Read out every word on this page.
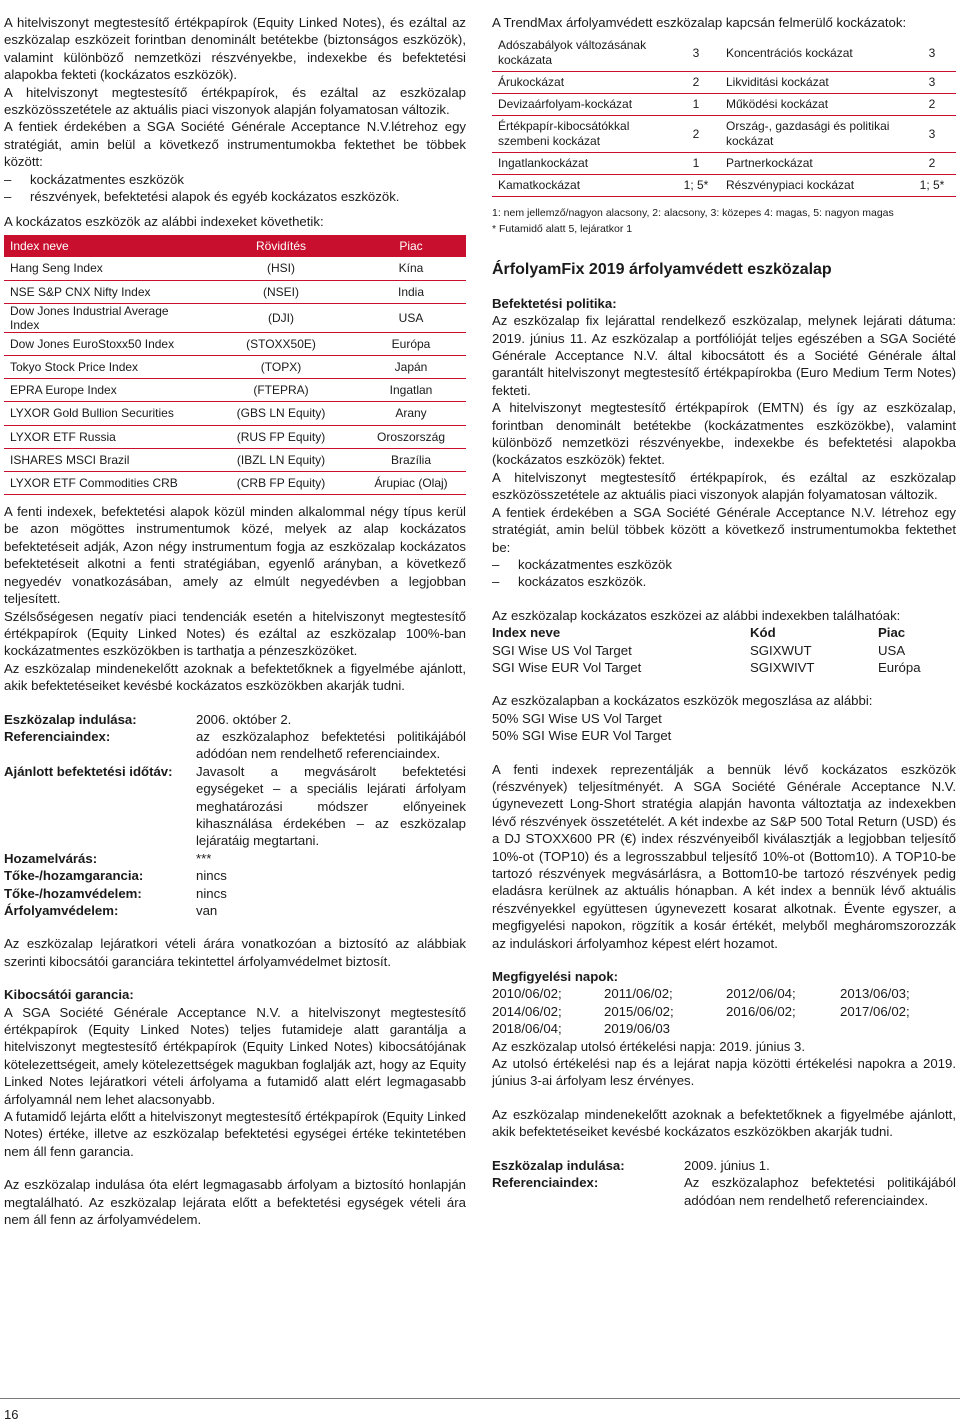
A hitelviszonyt megtestesítő értékpapírok (Equity Linked Notes), és ezáltal az eszközalap eszközeit forintban denominált betétekbe (biztonságos eszközök), valamint különböző nemzetközi részvényekbe, indexekbe és befektetési alapokba fekteti (kockázatos eszközök).

A hitelviszonyt megtestesítő értékpapírok, és ezáltal az eszközalap eszközösszetétele az aktuális piaci viszonyok alapján folyamatosan változik.

A fentiek érdekében a SGA Société Générale Acceptance N.V.létrehoz egy stratégiát, amin belül a következő instrumentumokba fektethet be többek között:

–	kockázatmentes eszközök
–	részvények, befektetési alapok és egyéb kockázatos eszközök.

A kockázatos eszközök az alábbi indexeket követhetik:

Index neve	Rövidítés	Piac
Hang Seng Index	(HSI)	Kína
NSE S&P CNX Nifty Index	(NSEI)	India
Dow Jones Industrial Average Index	(DJI)	USA
Dow Jones EuroStoxx50 Index	(STOXX50E)	Európa
Tokyo Stock Price Index	(TOPX)	Japán
EPRA Europe Index	(FTEPRA)	Ingatlan
LYXOR Gold Bullion Securities	(GBS LN Equity)	Arany
LYXOR ETF Russia	(RUS FP Equity)	Oroszország
ISHARES MSCI Brazil	(IBZL LN Equity)	Brazília
LYXOR ETF Commodities CRB	(CRB FP Equity)	Árupiac (Olaj)

A fenti indexek, befektetési alapok közül minden alkalommal négy típus kerül be azon mögöttes instrumentumok közé, melyek az alap kockázatos befektetéseit adják, Azon négy instrumentum fogja az eszközalap kockázatos befektetéseit alkotni a fenti stratégiában, egyenlő arányban, a következő negyedév vonatkozásában, amely az elmúlt negyedévben a legjobban teljesített.

Szélsőségesen negatív piaci tendenciák esetén a hitelviszonyt megtestesítő értékpapírok (Equity Linked Notes) és ezáltal az eszközalap 100%-ban kockázatmentes eszközökben is tarthatja a pénzeszközöket.

Az eszközalap mindenekelőtt azoknak a befektetőknek a figyelmébe ajánlott, akik befektetéseiket kevésbé kockázatos eszközökben akarják tudni.

Eszközalap indulása:	2006. október 2.
Referenciaindex:	az eszközalaphoz befektetési politikájából adódóan nem rendelhető referenciaindex.
Ajánlott befektetési időtáv:	Javasolt a megvásárolt befektetési egységeket – a speciális lejárati árfolyam meghatározási módszer előnyeinek kihasználása érdekében – az eszközalap lejáratáig megtartani.
Hozamelvárás:	***
Tőke-/hozamgarancia:	nincs
Tőke-/hozamvédelem:	nincs
Árfolyamvédelem:	van

Az eszközalap lejáratkori vételi árára vonatkozóan a biztosító az alábbiak szerinti kibocsátói garanciára tekintettel árfolyamvédelmet biztosít.

Kibocsátói garancia:

A SGA Société Générale Acceptance N.V. a hitelviszonyt megtestesítő értékpapírok (Equity Linked Notes) teljes futamideje alatt garantálja a hitelviszonyt megtestesítő értékpapírok (Equity Linked Notes) kibocsátójának kötelezettségeit, amely kötelezettségek magukban foglalják azt, hogy az Equity Linked Notes lejáratkori vételi árfolyama a futamidő alatt elért legmagasabb árfolyamnál nem lehet alacsonyabb.

A futamidő lejárta előtt a hitelviszonyt megtestesítő értékpapírok (Equity Linked Notes) értéke, illetve az eszközalap befektetési egységei értéke tekintetében nem áll fenn garancia.

Az eszközalap indulása óta elért legmagasabb árfolyam a biztosító honlapján megtalálható. Az eszközalap lejárata előtt a befektetési egységek vételi ára nem áll fenn az árfolyamvédelem.

A TrendMax árfolyamvédett eszközalap kapcsán felmerülő kockázatok:

Adószabályok változásának kockázata	3	Koncentrációs kockázat	3
Árukockázat	2	Likviditási kockázat	3
Devizaárfolyam-kockázat	1	Működési kockázat	2
Értékpapír-kibocsátókkal szembeni kockázat	2	Ország-, gazdasági és politikai kockázat	3
Ingatlankockázat	1	Partnerkockázat	2
Kamatkockázat	1; 5*	Részvénypiaci kockázat	1; 5*

1: nem jellemző/nagyon alacsony, 2: alacsony, 3: közepes 4: magas, 5: nagyon magas

* Futamidő alatt 5, lejáratkor 1

ÁrfolyamFix 2019 árfolyamvédett eszközalap

Befektetési politika:

Az eszközalap fix lejárattal rendelkező eszközalap, melynek lejárati dátuma: 2019. június 11. Az eszközalap a portfólióját teljes egészében a SGA Société Générale Acceptance N.V. által kibocsátott és a Société Générale által garantált hitelviszonyt megtestesítő értékpapírokba (Euro Medium Term Notes) fekteti.

A hitelviszonyt megtestesítő értékpapírok (EMTN) és így az eszközalap, forintban denominált betétekbe (kockázatmentes eszközökbe), valamint különböző nemzetközi részvényekbe, indexekbe és befektetési alapokba (kockázatos eszközök) fektet.

A hitelviszonyt megtestesítő értékpapírok, és ezáltal az eszközalap eszközösszetétele az aktuális piaci viszonyok alapján folyamatosan változik.

A fentiek érdekében a SGA Société Générale Acceptance N.V. létrehoz egy stratégiát, amin belül többek között a következő instrumentumokba fektethet be:

–	kockázatmentes eszközök
–	kockázatos eszközök.

Az eszközalap kockázatos eszközei az alábbi indexekben találhatóak:

Index neve	Kód	Piac
SGI Wise US Vol Target	SGIXWUT	USA
SGI Wise EUR Vol Target	SGIXWIVT	Európa

Az eszközalapban a kockázatos eszközök megoszlása az alábbi:

50% SGI Wise US Vol Target

50% SGI Wise EUR Vol Target

A fenti indexek reprezentálják a bennük lévő kockázatos eszközök (részvények) teljesítményét. A SGA Société Générale Acceptance N.V. úgynevezett Long-Short stratégia alapján havonta változtatja az indexekben lévő részvények összetételét. A két indexbe az S&P 500 Total Return (USD) és a DJ STOXX600 PR (€) index részvényeiből kiválasztják a legjobban teljesítő 10%-ot (TOP10) és a legrosszabbul teljesítő 10%-ot (Bottom10). A TOP10-be tartozó részvények megvásárlásra, a Bottom10-be tartozó részvények pedig eladásra kerülnek az aktuális hónapban. A két index a bennük lévő aktuális részvényekkel együttesen úgynevezett kosarat alkotnak. Évente egyszer, a megfigyelési napokon, rögzítik a kosár értékét, melyből megháromszorozzák az induláskori árfolyamhoz képest elért hozamot.

Megfigyelési napok:

2010/06/02;	2011/06/02;	2012/06/04;	2013/06/03;
2014/06/02;	2015/06/02;	2016/06/02;	2017/06/02;
2018/06/04;	2019/06/03

Az eszközalap utolsó értékelési napja: 2019. június 3.

Az utolsó értékelési nap és a lejárat napja közötti értékelési napokra a 2019. június 3-ai árfolyam lesz érvényes.

Az eszközalap mindenekelőtt azoknak a befektetőknek a figyelmébe ajánlott, akik befektetéseiket kevésbé kockázatos eszközökben akarják tudni.

Eszközalap indulása:	2009. június 1.
Referenciaindex:	Az eszközalaphoz befektetési politikájából adódóan nem rendelhető referenciaindex.
16
